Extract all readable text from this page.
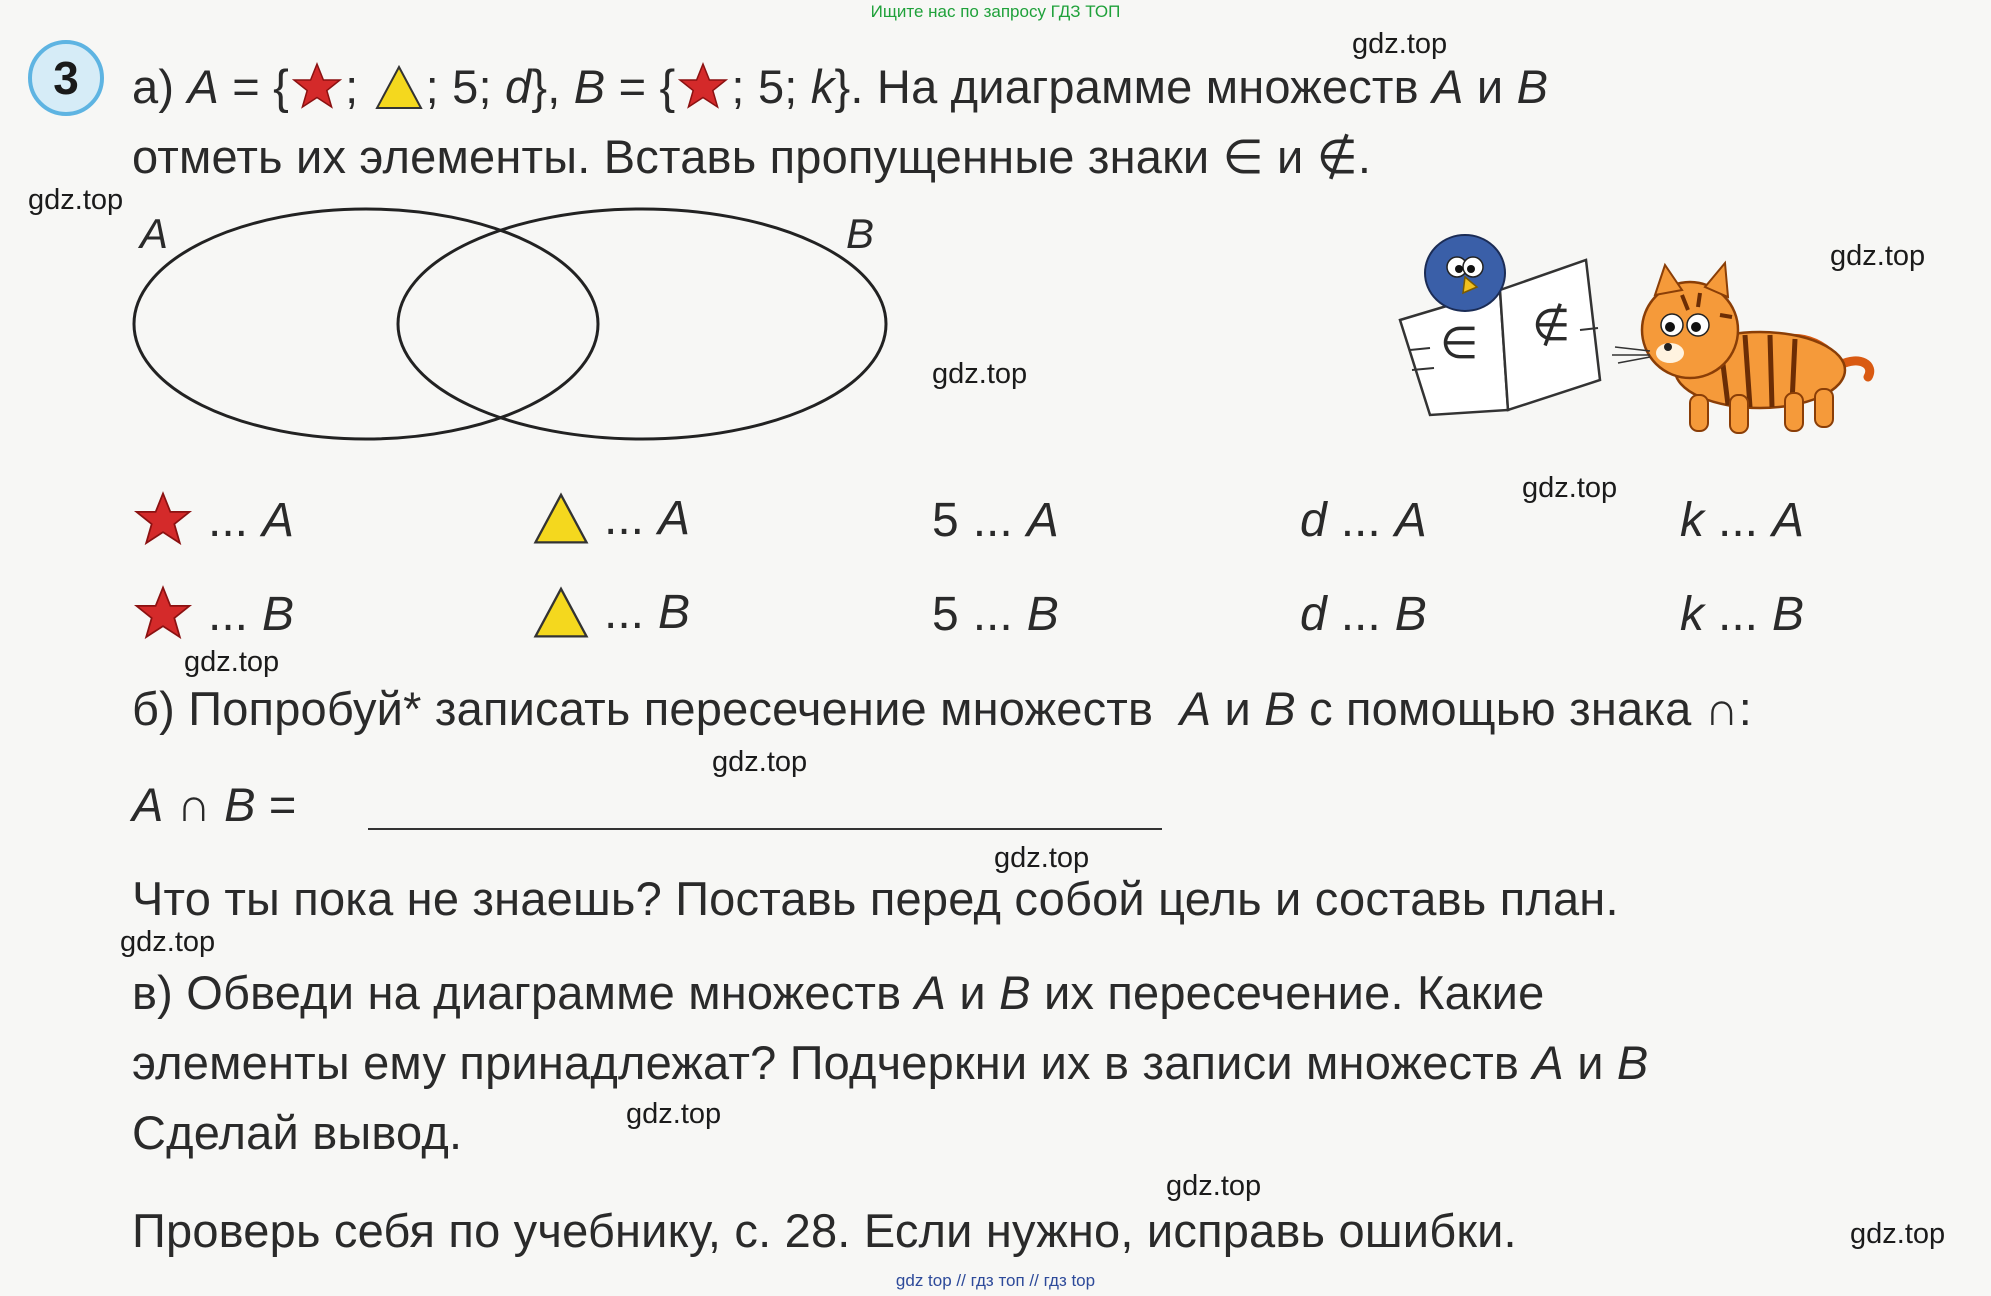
Ищите нас по запросу ГДЗ ТОП
gdz top // гдз топ // гдз top
3	а) A = { ; ; 5 ; d }, B = { ; 5 ; k }. На диаграмме множеств
A и B
отметь их элементы. Вставь пропущенные знаки ∈ и ∉.
A	B
∈ ∉
... A	... A	5 ... A	d ... A	k ... A
... B	... B	5 ... B	d ... B	k ... B
б) Попробуй* записать пересечение множеств A и B с помощью знака ∩:
A ∩ B =
Что ты пока не знаешь? Поставь перед собой цель и составь план.
в) Обведи на диаграмме множеств
A и B их пересечение. Какие
элементы ему принадлежат? Подчеркни их в записи множеств
A и B
Сделай вывод.
Проверь себя по учебнику, с. 28. Если нужно, исправь ошибки.
gdz.top
gdz.top
gdz.top
gdz.top
gdz.top
gdz.top
gdz.top
gdz.top
gdz.top
gdz.top
gdz.top
gdz.top
